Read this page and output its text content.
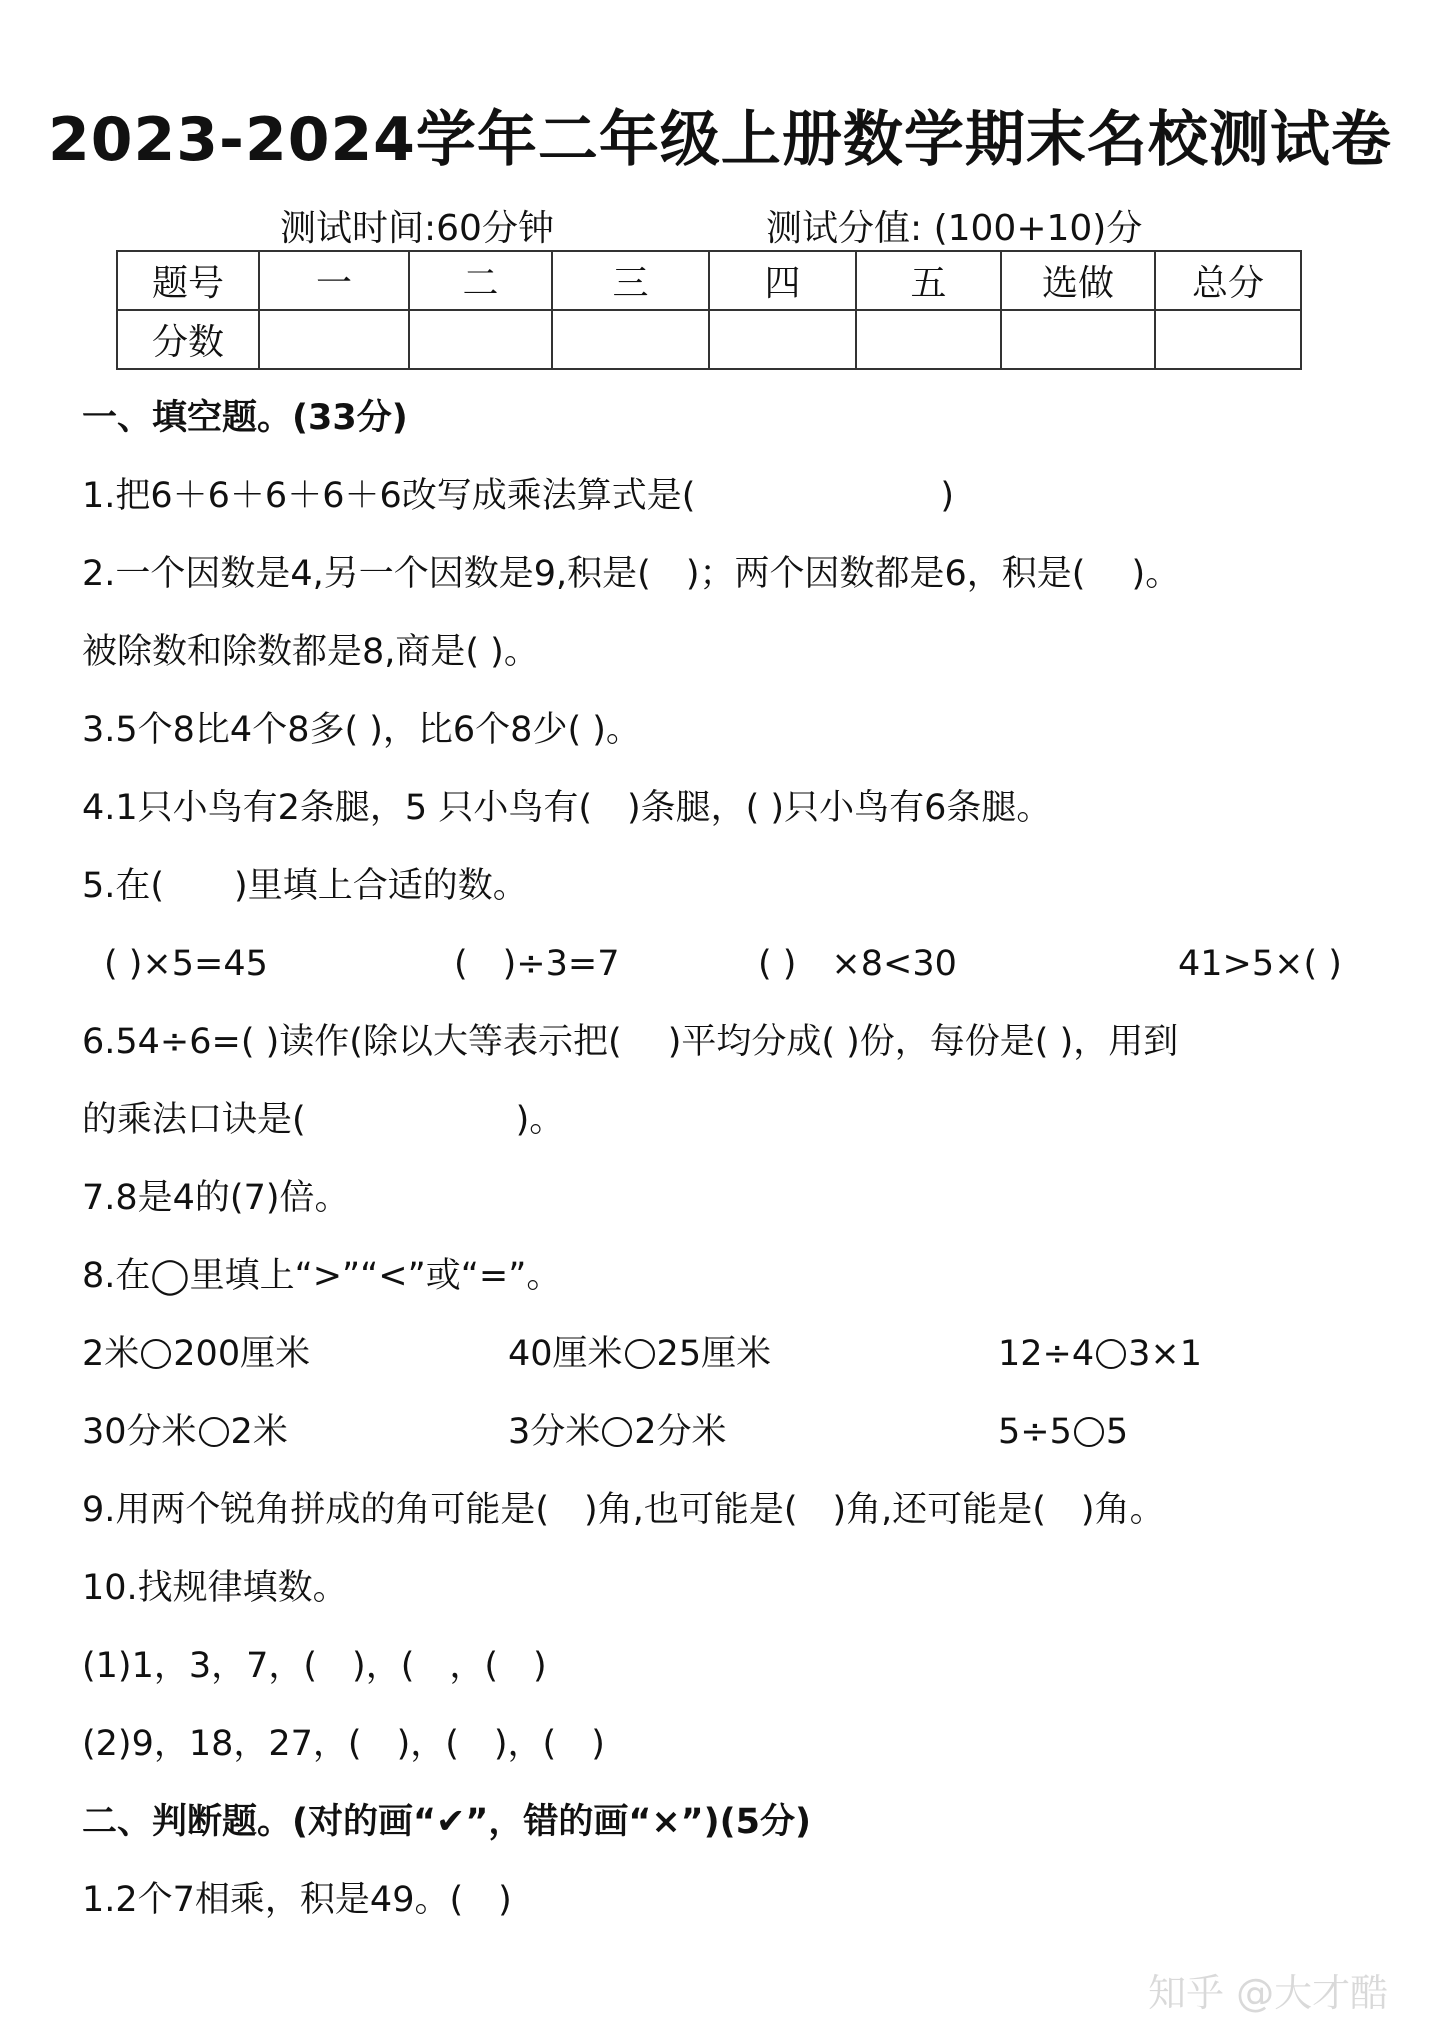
2023-2024学年二年级上册数学期末名校测试卷
测试时间:60分钟	测试分值: (100+10)分
题号	一	二	三	四	五	选做	总分
分数							
一、填空题。(33分)
1.把6＋6＋6＋6＋6改写成乘法算式是(　　　　　　　)
2.一个因数是4,另一个因数是9,积是(　)；两个因数都是6，积是(　 )。
被除数和除数都是8,商是( )。
3.5个8比4个8多( )，比6个8少( )。
4.1只小鸟有2条腿，5 只小鸟有(　)条腿，( )只小鸟有6条腿。
5.在(　　)里填上合适的数。
( )×5=45	(　)÷3=7	( )　×8<30	41>5×( )
6.54÷6=( )读作(除以大等表示把(　 )平均分成( )份，每份是( )，用到
的乘法口诀是(　　　　　　)。
7.8是4的(7)倍。
8.在◯里填上“>”“<”或“=”。
2米 200厘米	40厘米 25厘米	12÷4 3×1
30分米 2米	3分米 2分米	5÷5 5
9.用两个锐角拼成的角可能是(　)角,也可能是(　)角,还可能是(　)角。
10.找规律填数。
(1)1，3，7，(　)，(　，(　)
(2)9，18，27，(　)，(　)，(　)
二、判断题。(对的画“✔”，错的画“×”)(5分)
1.2个7相乘，积是49。(　)
知乎 @大才酷
